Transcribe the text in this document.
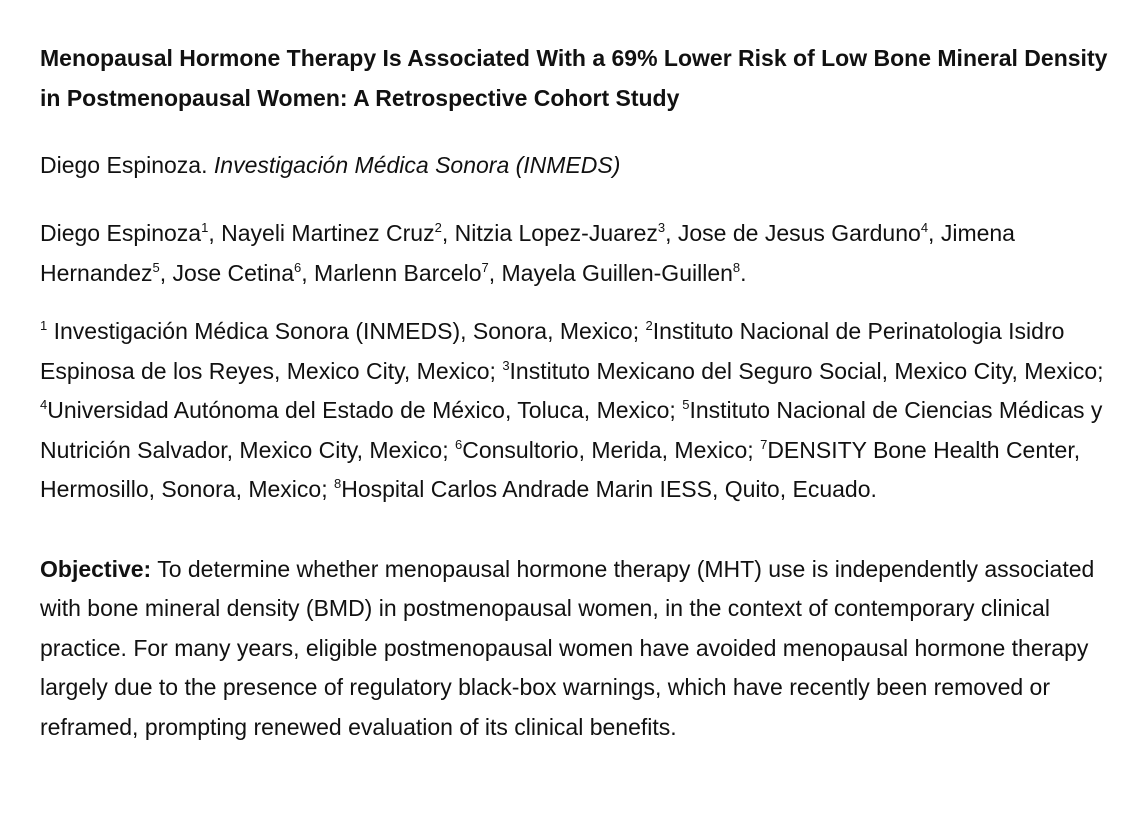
Menopausal Hormone Therapy Is Associated With a 69% Lower Risk of Low Bone Mineral Density in Postmenopausal Women: A Retrospective Cohort Study

Diego Espinoza. Investigación Médica Sonora (INMEDS)

Diego Espinoza$^1$, Nayeli Martinez Cruz$^2$, Nitzia Lopez-Juarez$^3$, Jose de Jesus Garduno$^4$, Jimena Hernandez$^5$, Jose Cetina$^6$, Marlenn Barcelo$^7$, Mayela Guillen-Guillen$^8$.

$^1$ Investigación Médica Sonora (INMEDS), Sonora, Mexico; $^2$Instituto Nacional de Perinatologia Isidro Espinosa de los Reyes, Mexico City, Mexico; $^3$Instituto Mexicano del Seguro Social, Mexico City, Mexico; $^4$Universidad Autónoma del Estado de México, Toluca, Mexico; $^5$Instituto Nacional de Ciencias Médicas y Nutrición Salvador, Mexico City, Mexico; $^6$Consultorio, Merida, Mexico; $^7$DENSITY Bone Health Center, Hermosillo, Sonora, Mexico; $^8$Hospital Carlos Andrade Marin IESS, Quito, Ecuado.

Objective: To determine whether menopausal hormone therapy (MHT) use is independently associated with bone mineral density (BMD) in postmenopausal women, in the context of contemporary clinical practice. For many years, eligible postmenopausal women have avoided menopausal hormone therapy largely due to the presence of regulatory black-box warnings, which have recently been removed or reframed, prompting renewed evaluation of its clinical benefits.
